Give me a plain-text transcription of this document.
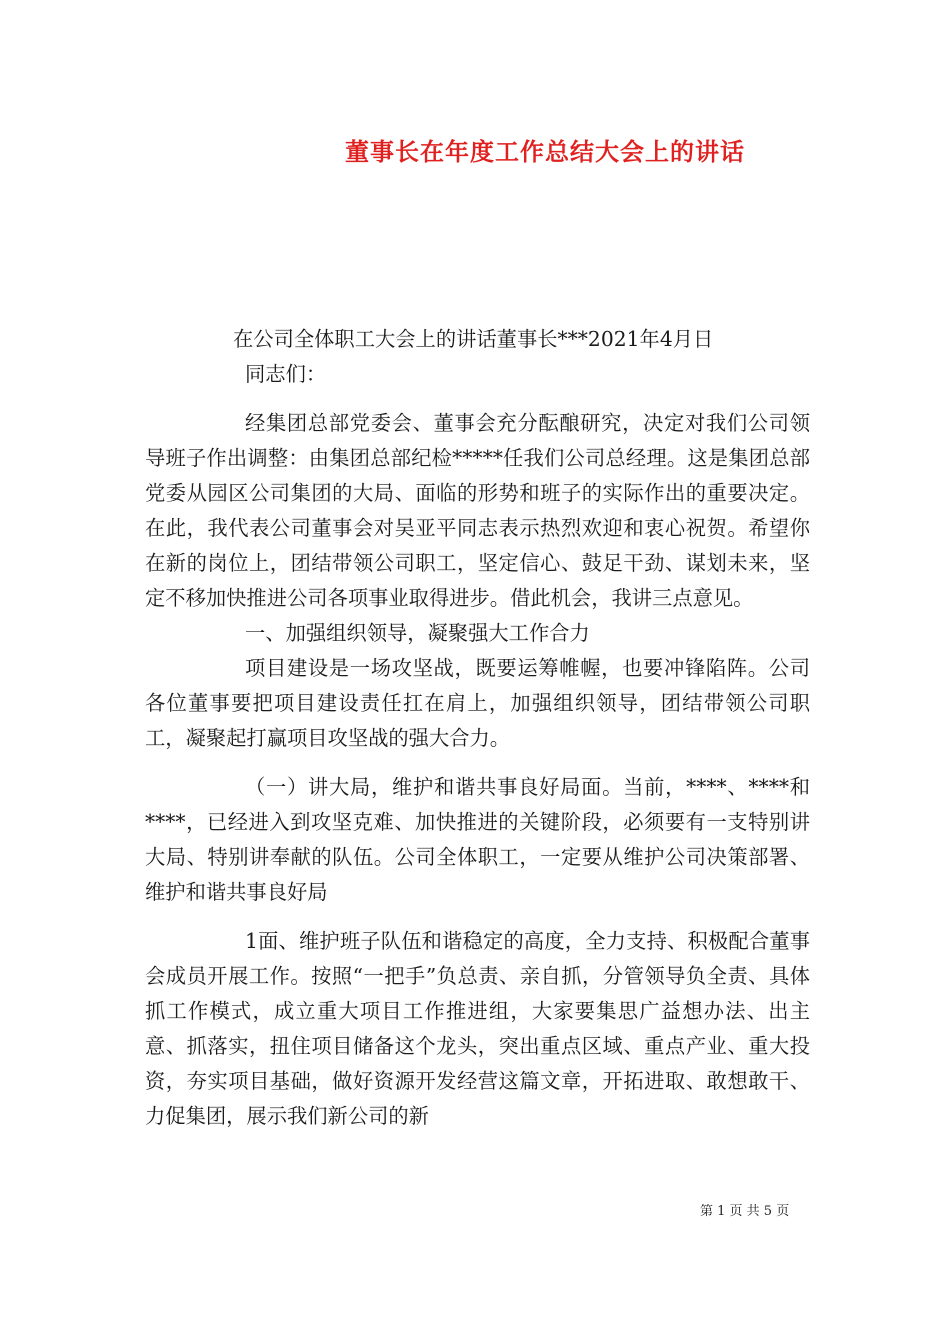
董事长在年度工作总结大会上的讲话

在公司全体职工大会上的讲话董事长***2021年4月日

同志们：

经集团总部党委会、董事会充分酝酿研究，决定对我们公司领导班子作出调整：由集团总部纪检*****任我们公司总经理。这是集团总部党委从园区公司集团的大局、面临的形势和班子的实际作出的重要决定。在此，我代表公司董事会对吴亚平同志表示热烈欢迎和衷心祝贺。希望你在新的岗位上，团结带领公司职工，坚定信心、鼓足干劲、谋划未来，坚定不移加快推进公司各项事业取得进步。借此机会，我讲三点意见。

一、加强组织领导，凝聚强大工作合力

项目建设是一场攻坚战，既要运筹帷幄，也要冲锋陷阵。公司各位董事要把项目建设责任扛在肩上，加强组织领导，团结带领公司职工，凝聚起打赢项目攻坚战的强大合力。

（一）讲大局，维护和谐共事良好局面。当前，****、****和****，已经进入到攻坚克难、加快推进的关键阶段，必须要有一支特别讲大局、特别讲奉献的队伍。公司全体职工，一定要从维护公司决策部署、维护和谐共事良好局

1面、维护班子队伍和谐稳定的高度，全力支持、积极配合董事会成员开展工作。按照“一把手”负总责、亲自抓，分管领导负全责、具体抓工作模式，成立重大项目工作推进组，大家要集思广益想办法、出主意、抓落实，扭住项目储备这个龙头，突出重点区域、重点产业、重大投资，夯实项目基础，做好资源开发经营这篇文章，开拓进取、敢想敢干、力促集团，展示我们新公司的新

第 1 页 共 5 页
